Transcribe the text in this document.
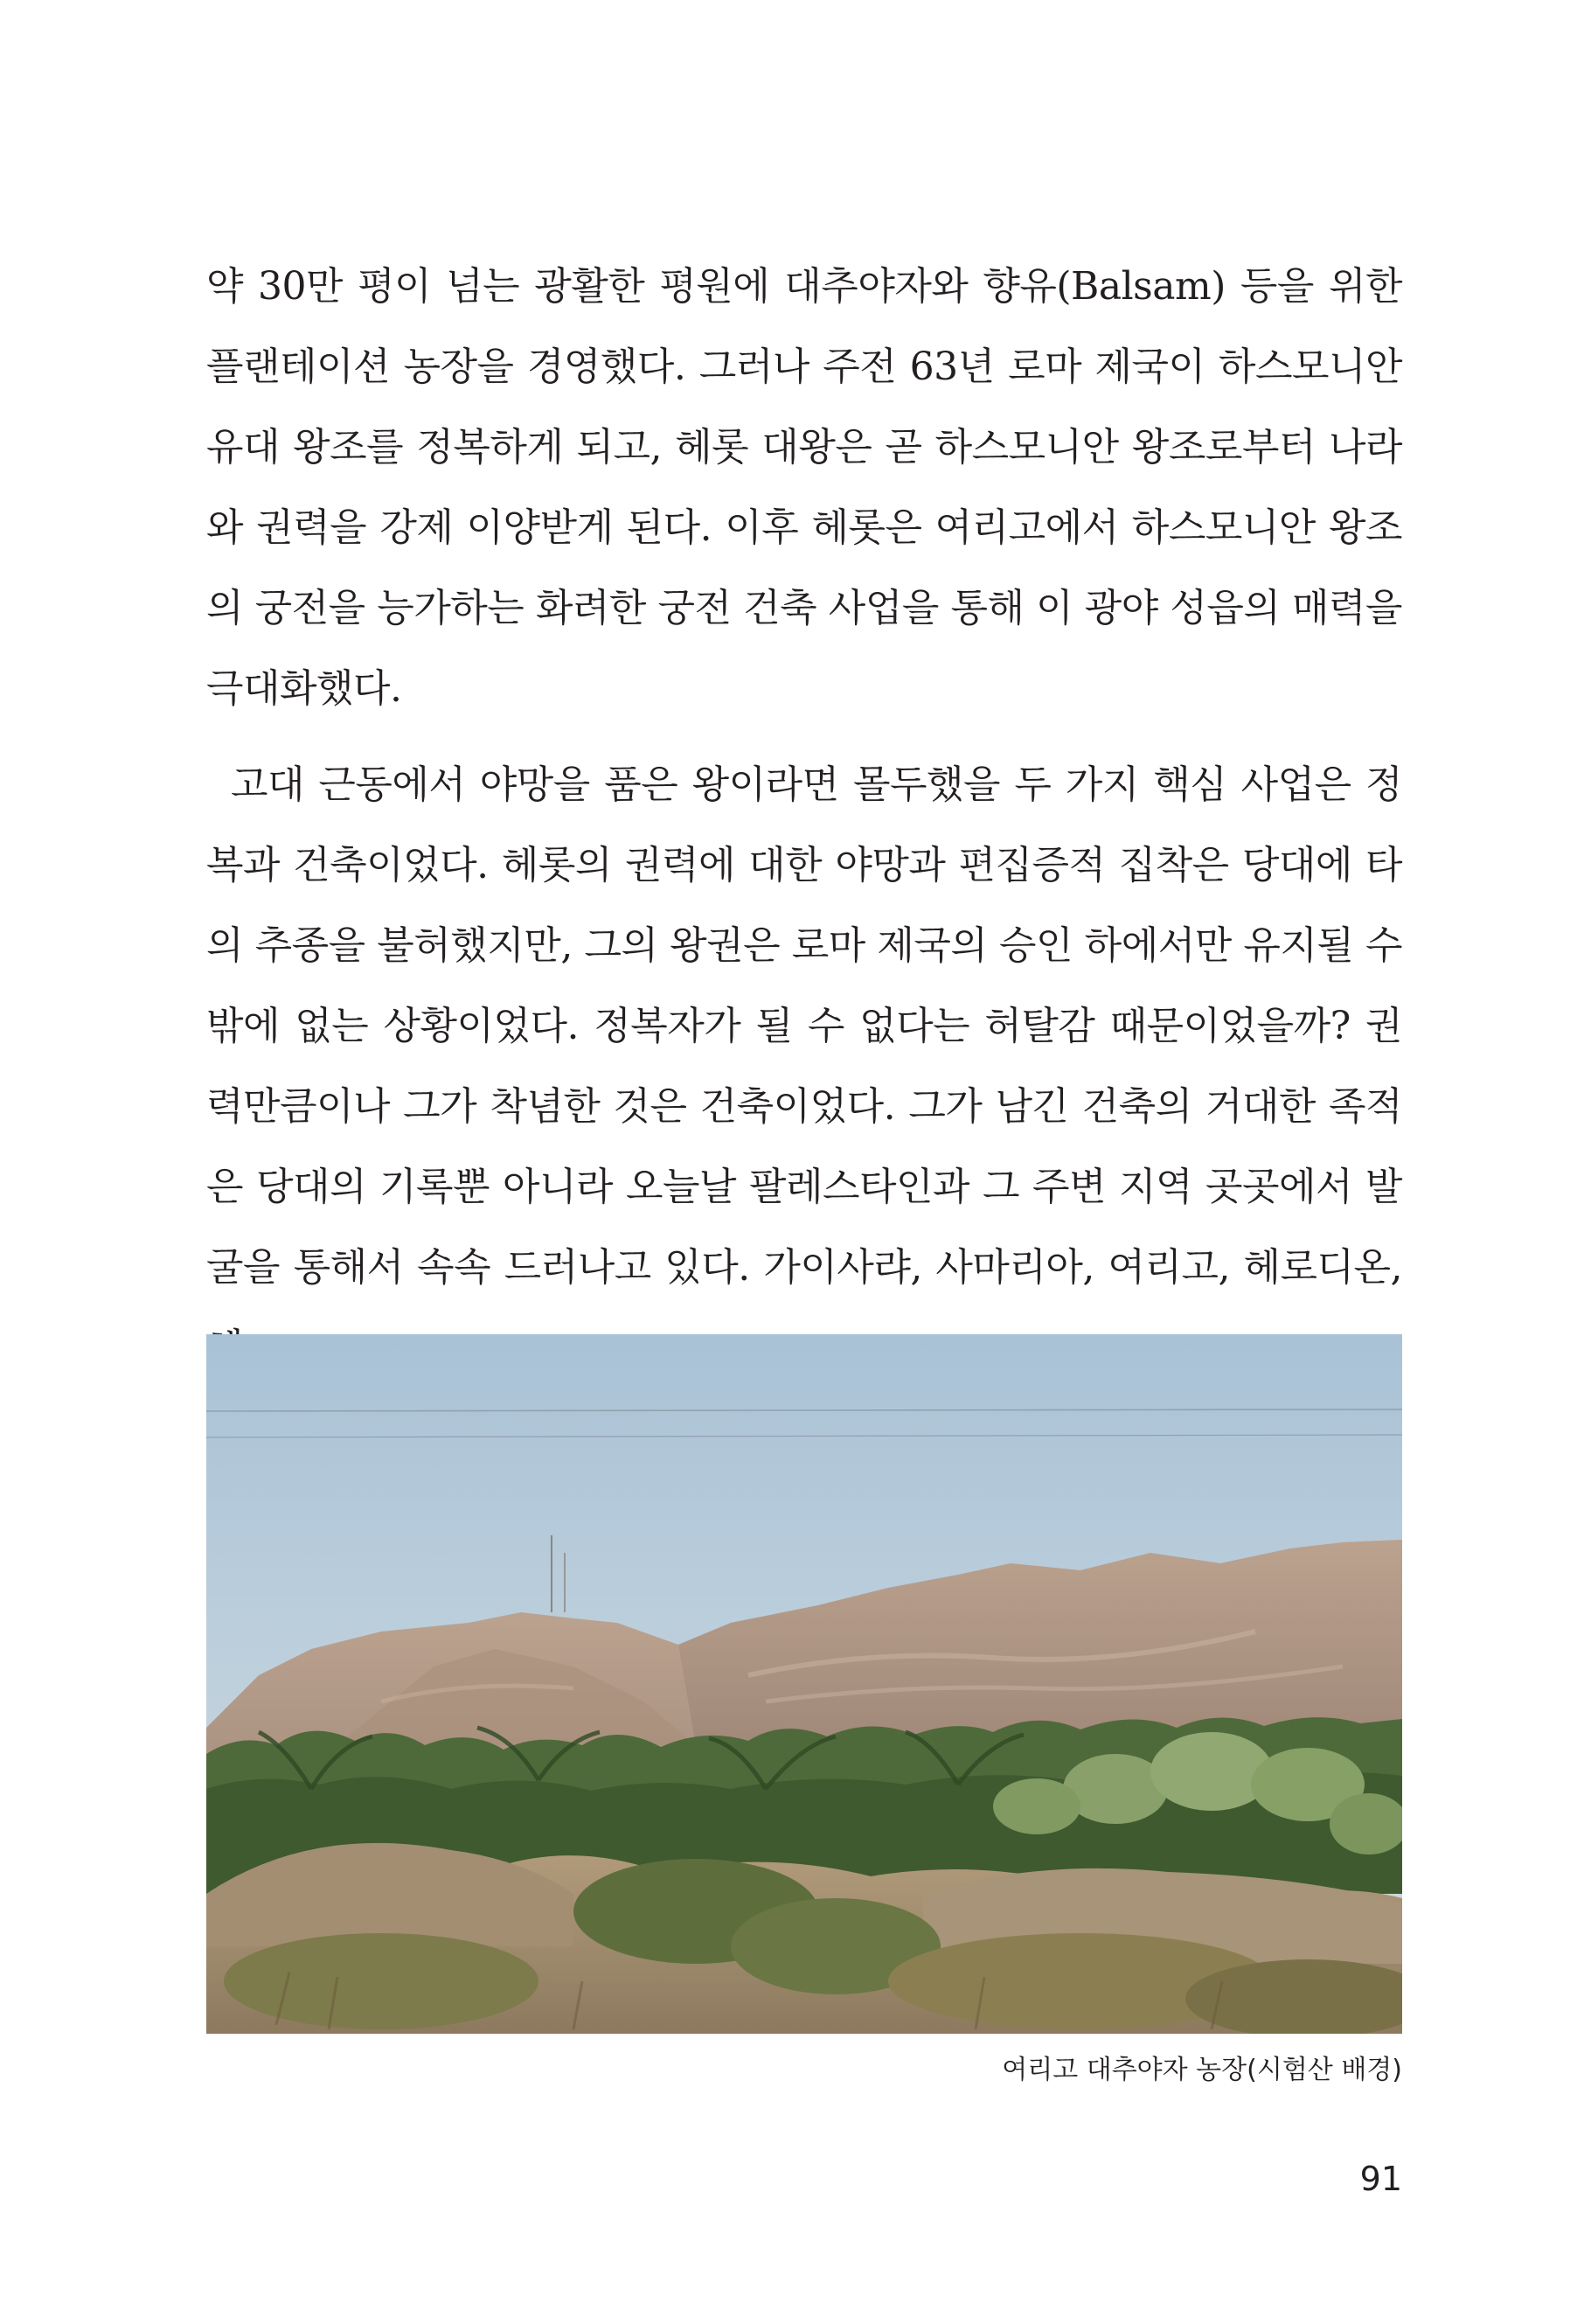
약 30만 평이 넘는 광활한 평원에 대추야자와 향유(Balsam) 등을 위한 플랜테이션 농장을 경영했다. 그러나 주전 63년 로마 제국이 하스모니안 유대 왕조를 정복하게 되고, 헤롯 대왕은 곧 하스모니안 왕조로부터 나라와 권력을 강제 이양받게 된다. 이후 헤롯은 여리고에서 하스모니안 왕조의 궁전을 능가하는 화려한 궁전 건축 사업을 통해 이 광야 성읍의 매력을 극대화했다.

고대 근동에서 야망을 품은 왕이라면 몰두했을 두 가지 핵심 사업은 정복과 건축이었다. 헤롯의 권력에 대한 야망과 편집증적 집착은 당대에 타의 추종을 불허했지만, 그의 왕권은 로마 제국의 승인 하에서만 유지될 수밖에 없는 상황이었다. 정복자가 될 수 없다는 허탈감 때문이었을까? 권력만큼이나 그가 착념한 것은 건축이었다. 그가 남긴 건축의 거대한 족적은 당대의 기록뿐 아니라 오늘날 팔레스타인과 그 주변 지역 곳곳에서 발굴을 통해서 속속 드러나고 있다. 가이사랴, 사마리아, 여리고, 헤로디온,

여리고 대추야자 농장(시험산 배경)
91
